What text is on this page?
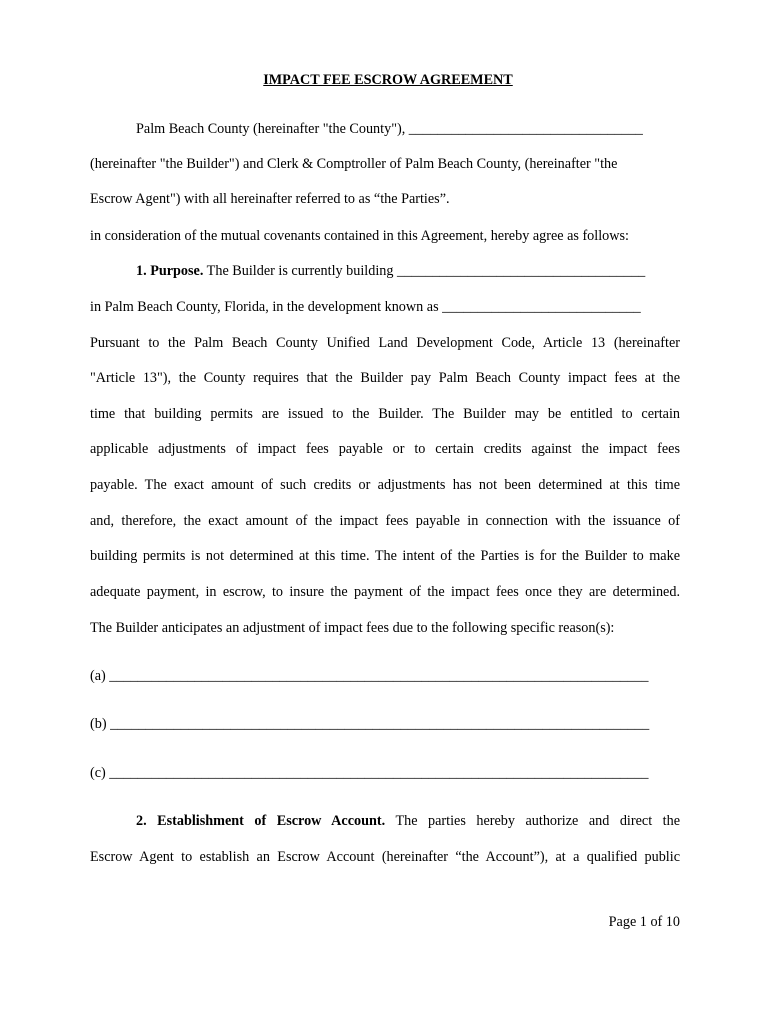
IMPACT FEE ESCROW AGREEMENT
Palm Beach County (hereinafter "the County"), _________________________________
(hereinafter "the Builder") and Clerk & Comptroller of Palm Beach County, (hereinafter "the
Escrow Agent") with all hereinafter referred to as “the Parties”.
in consideration of the mutual covenants contained in this Agreement, hereby agree as follows:
1. Purpose. The Builder is currently building ___________________________________
in Palm Beach County, Florida, in the development known as ____________________________
Pursuant to the Palm Beach County Unified Land Development Code, Article 13 (hereinafter
"Article 13"), the County requires that the Builder pay Palm Beach County impact fees at the
time that building permits are issued to the Builder. The Builder may be entitled to certain
applicable adjustments of impact fees payable or to certain credits against the impact fees
payable. The exact amount of such credits or adjustments has not been determined at this time
and, therefore, the exact amount of the impact fees payable in connection with the issuance of
building permits is not determined at this time. The intent of the Parties is for the Builder to make
adequate payment, in escrow, to insure the payment of the impact fees once they are determined.
The Builder anticipates an adjustment of impact fees due to the following specific reason(s):
(a) ____________________________________________________________________________
(b) ____________________________________________________________________________
(c) ____________________________________________________________________________
2. Establishment of Escrow Account. The parties hereby authorize and direct the
Escrow Agent to establish an Escrow Account (hereinafter “the Account”), at a qualified public
Page 1 of 10
